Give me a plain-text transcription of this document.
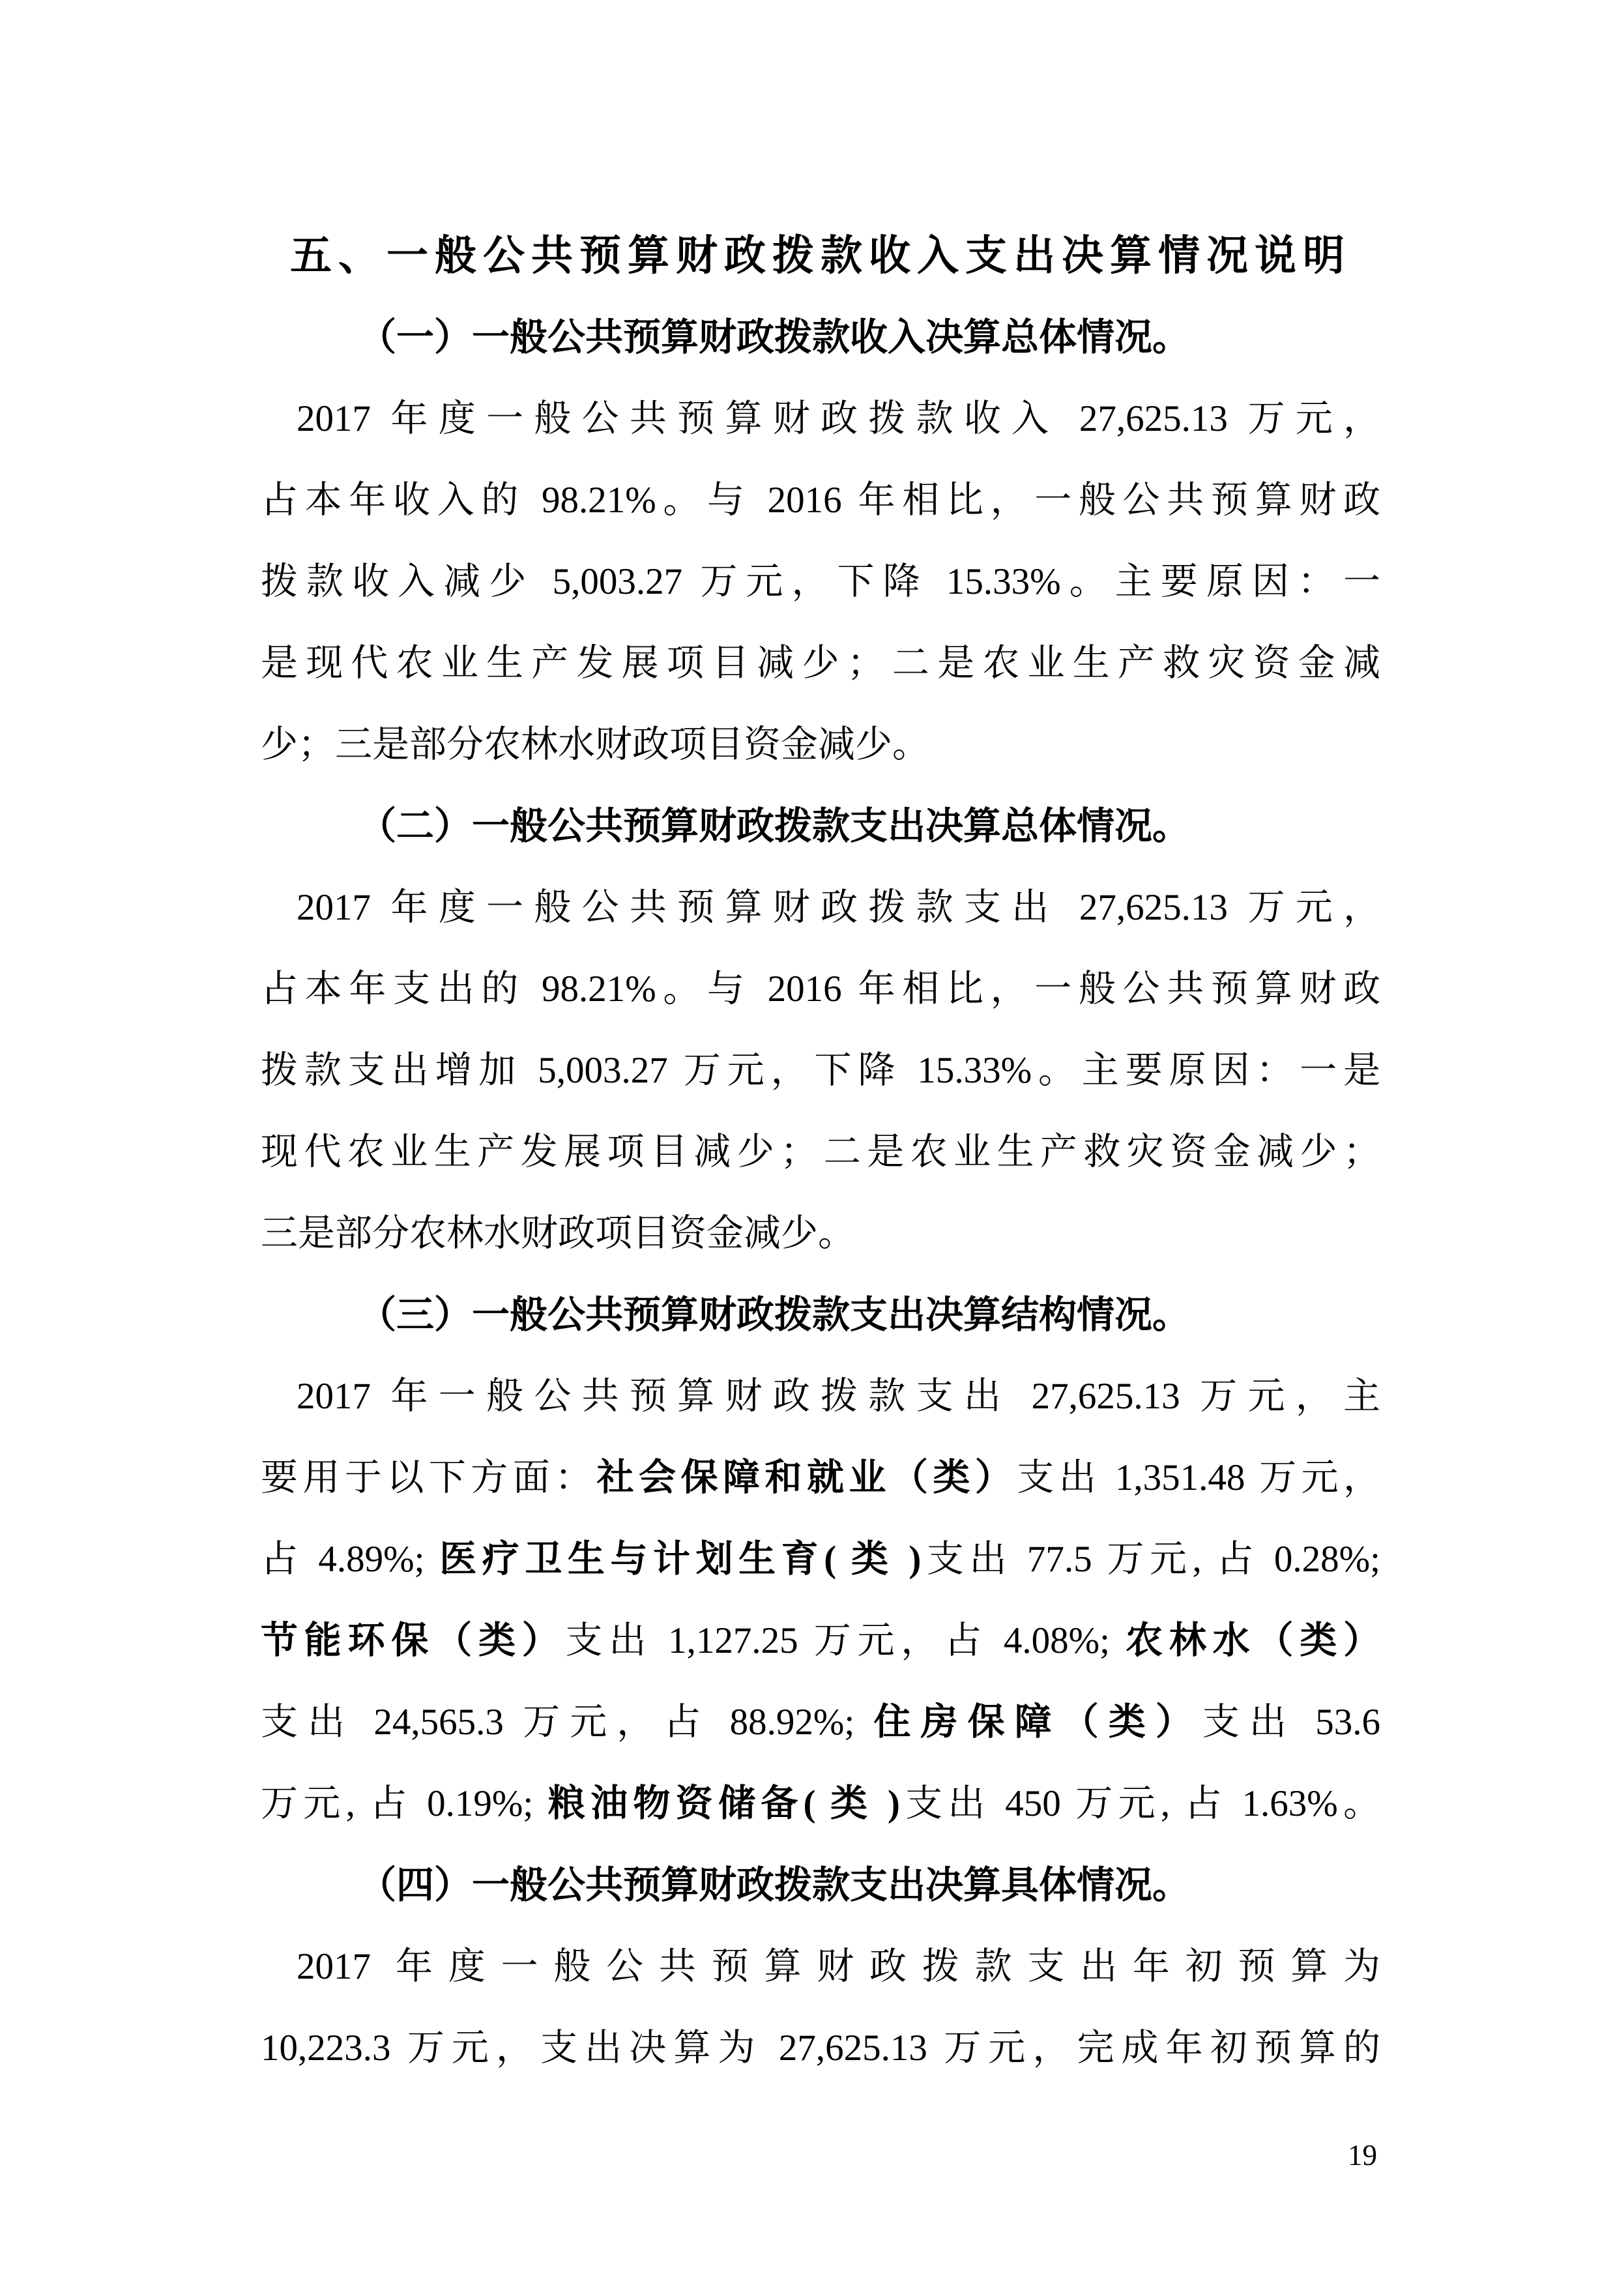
五、一般公共预算财政拨款收入支出决算情况说明
（一）一般公共预算财政拨款收入决算总体情况。
2017 年度一般公共预算财政拨款收入 27,625.13 万元，
占本年收入的 98.21%。与 2016 年相比，一般公共预算财政
拨款收入减少 5,003.27 万元，下降 15.33%。主要原因：一
是现代农业生产发展项目减少；二是农业生产救灾资金减
少；三是部分农林水财政项目资金减少。
（二）一般公共预算财政拨款支出决算总体情况。
2017 年度一般公共预算财政拨款支出 27,625.13 万元，
占本年支出的 98.21%。与 2016 年相比，一般公共预算财政
拨款支出增加 5,003.27 万元，下降 15.33%。主要原因：一是
现代农业生产发展项目减少；二是农业生产救灾资金减少；
三是部分农林水财政项目资金减少。
（三）一般公共预算财政拨款支出决算结构情况。
2017 年一般公共预算财政拨款支出 27,625.13 万元，主
要用于以下方面：社会保障和就业（类）支出 1,351.48 万元，
占 4.89%; 医疗卫生与计划生育( 类 )支出 77.5 万元, 占 0.28%;
节能环保（类）支出 1,127.25 万元，占 4.08%; 农林水（类）
支出 24,565.3 万元，占 88.92%; 住房保障（类）支出 53.6
万元, 占 0.19%; 粮油物资储备( 类 )支出 450 万元, 占 1.63%。
（四）一般公共预算财政拨款支出决算具体情况。
2017 年度一般公共预算财政拨款支出年初预算为
10,223.3 万元，支出决算为 27,625.13 万元，完成年初预算的
19
